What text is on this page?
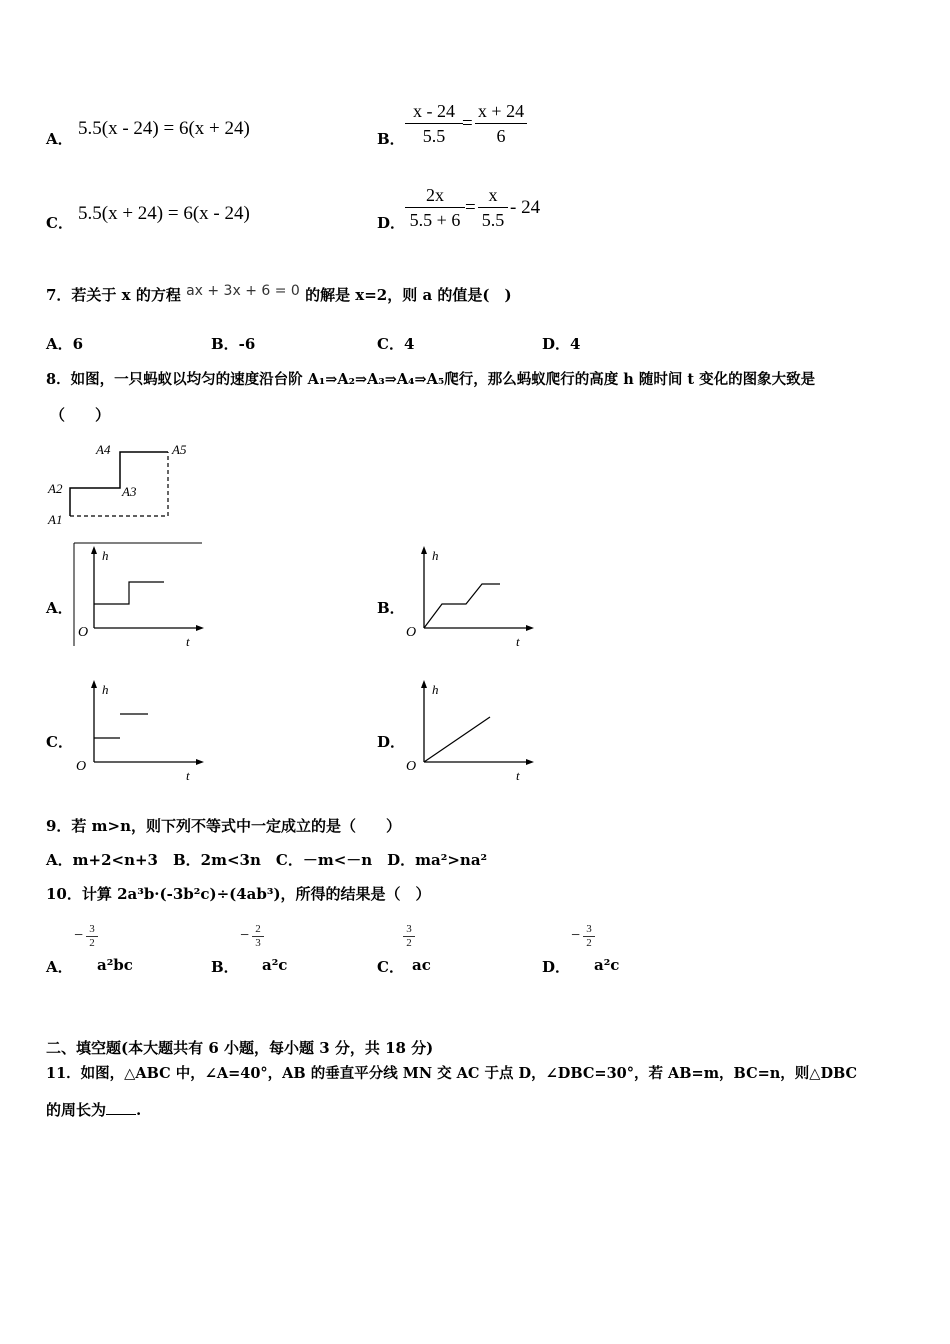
A． 5.5(x - 24) = 6(x + 24)	B．
x - 24
5.5
=
x + 24
6
C． 5.5(x + 24) = 6(x - 24)	D．
2x
5.5 + 6
=
x
5.5
- 24
7．若关于 x 的方程 ax + 3x + 6 = 0 的解是 x=2，则 a 的值是(　)
A．6	B．-6	C．4	D．4
8．如图，一只蚂蚁以均匀的速度沿台阶 A₁⇒A₂⇒A₃⇒A₄⇒A₅爬行，那么蚂蚁爬行的高度 h 随时间 t 变化的图象大致是
（　　）
A1
A2	A3
A4	A5
A．
h
O
t
B．
h
O
t
C．
h
O
t
D．
h
O
t
9．若 m>n，则下列不等式中一定成立的是（　　）
A．m+2<n+3　B．2m<3n　C．－m<－n　D．ma²>na²
10．计算 2a³b·(-3b²c)÷(4ab³)，所得的结果是（　）
A．
− 3
2
a²bc	B．
− 2
3
a²c	C．
3
2
ac	D．
− 3
2
a²c
二、填空题(本大题共有 6 小题，每小题 3 分，共 18 分)
11．如图，△ABC 中，∠A=40°，AB 的垂直平分线 MN 交 AC 于点 D，∠DBC=30°，若 AB=m，BC=n，则△DBC
的周长为 .
